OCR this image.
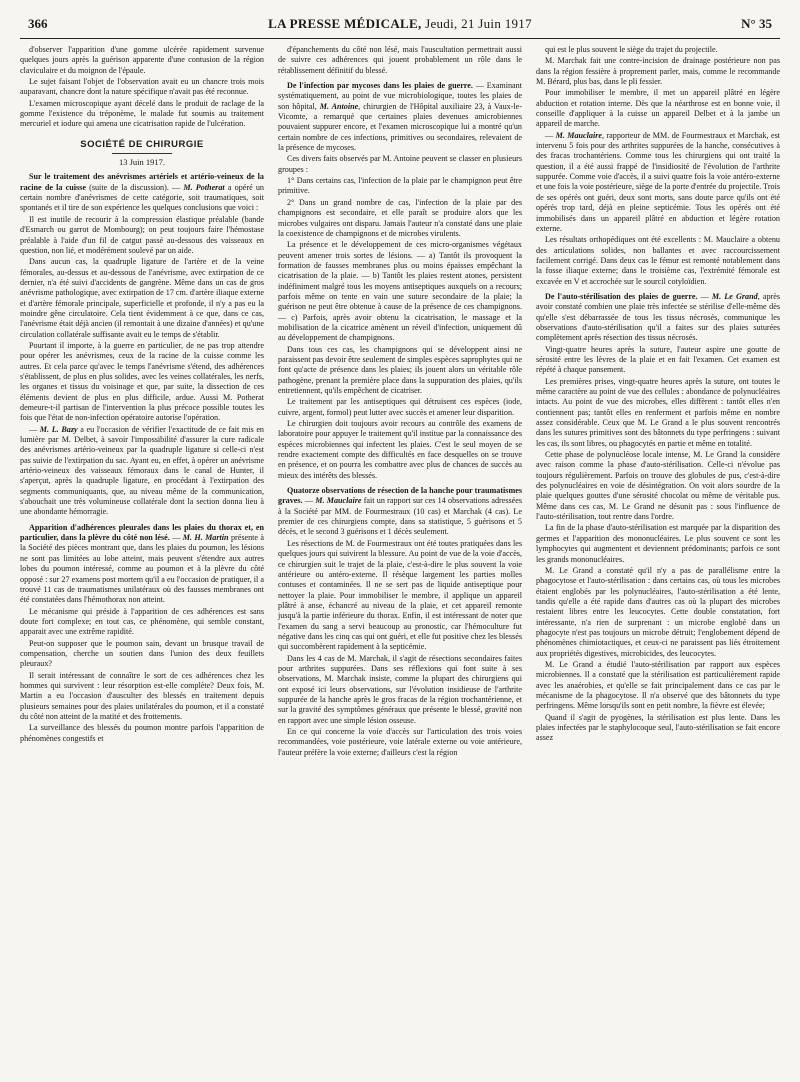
366	LA PRESSE MÉDICALE, Jeudi, 21 Juin 1917	N° 35

d'observer l'apparition d'une gomme ulcérée rapidement survenue quelques jours après la guérison apparente d'une contusion de la région claviculaire et du moignon de l'épaule.

Le sujet faisant l'objet de l'observation avait eu un chancre trois mois auparavant, chancre dont la nature spécifique n'avait pas été reconnue.

L'examen microscopique ayant décelé dans le produit de raclage de la gomme l'existence du tréponème, le malade fut soumis au traitement mercuriel et iodure qui amena une cicatrisation rapide de l'ulcération.

SOCIÉTÉ DE CHIRURGIE
13 Juin 1917.

Sur le traitement des anévrismes artériels et artério-veineux de la racine de la cuisse (suite de la discussion). — M. Potherat a opéré un certain nombre d'anévrismes de cette catégorie, soit traumatiques, soit spontanés et il tire de son expérience les quelques conclusions que voici :

Il est inutile de recourir à la compression élastique préalable (bande d'Esmarch ou garrot de Mombourg); on peut toujours faire l'hémostase préalable à l'aide d'un fil de catgut passé au-dessous des vaisseaux en question, non lié, et modérément soulevé par un aide.

Dans aucun cas, la quadruple ligature de l'artère et de la veine fémorales, au-dessus et au-dessous de l'anévrisme, avec extirpation de ce dernier, n'a été suivi d'accidents de gangrène. Même dans un cas de gros anévrisme pathologique, avec extirpation de 17 cm. d'artère iliaque externe et d'artère fémorale principale, superficielle et profonde, il n'y a pas eu la moindre gêne circulatoire. Cela tient évidemment à ce que, dans ce cas, l'anévrisme était déjà ancien (il remontait à une dizaine d'années) et qu'une circulation collatérale suffisante avait eu le temps de s'établir.

Pourtant il importe, à la guerre en particulier, de ne pas trop attendre pour opérer les anévrismes, ceux de la racine de la cuisse comme les autres. Et cela parce qu'avec le temps l'anévrisme s'étend, des adhérences s'établissent, de plus en plus solides, avec les veines collatérales, les nerfs, les organes et tissus du voisinage et que, par suite, la dissection de ces éléments devient de plus en plus difficile, ardue. Aussi M. Potherat demeure-t-il partisan de l'intervention la plus précoce possible toutes les fois que l'état de non-infection opératoire autorise l'opération.

— M. L. Bazy a eu l'occasion de vérifier l'exactitude de ce fait mis en lumière par M. Delbet, à savoir l'impossibilité d'assurer la cure radicale des anévrismes artério-veineux par la quadruple ligature si celle-ci n'est pas suivie de l'extirpation du sac. Ayant eu, en effet, à opérer un anévrisme artério-veineux des vaisseaux fémoraux dans le canal de Hunter, il s'aperçut, après la quadruple ligature, en procédant à l'extirpation des segments communiquants, que, au niveau même de la communication, s'abouchait une très volumineuse collatérale dont la section donna lieu à une abondante hémorragie.

Apparition d'adhérences pleurales dans les plaies du thorax et, en particulier, dans la plèvre du côté non lésé. — M. H. Martin présente à la Société des pièces montrant que, dans les plaies du poumon, les lésions ne sont pas limitées au lobe atteint, mais peuvent s'étendre aux autres lobes du poumon intéressé, comme au poumon et à la plèvre du côté opposé : sur 27 examens post mortem qu'il a eu l'occasion de pratiquer, il a trouvé 11 cas de traumatismes unilatéraux où des fausses membranes ont été constatées dans l'hémothorax non atteint.

Le mécanisme qui préside à l'apparition de ces adhérences est sans doute fort complexe; en tout cas, ce phénomène, qui semble constant, apparait avec une extrême rapidité.

Peut-on supposer que le poumon sain, devant un brusque travail de compensation, cherche un soutien dans l'union des deux feuillets pleuraux?

Il serait intéressant de connaître le sort de ces adhérences chez les hommes qui survivent : leur résorption est-elle complète? Deux fois, M. Martin a eu l'occasion d'ausculter des blessés en traitement depuis plusieurs semaines pour des plaies unilatérales du poumon, et il a constaté du côté non atteint de la matité et des frottements.

La surveillance des blessés du poumon montre parfois l'apparition de phénomènes congestifs et

d'épanchements du côté non lésé, mais l'auscultation permettrait aussi de suivre ces adhérences qui jouent probablement un rôle dans le rétablissement définitif du blessé.

De l'infection par mycoses dans les plaies de guerre. — Examinant systématiquement, au point de vue microbiologique, toutes les plaies de son hôpital, M. Antoine, chirurgien de l'Hôpital auxiliaire 23, à Vaux-le-Vicomte, a remarqué que certaines plaies devenues amicrobiennes pouvaient suppurer encore, et l'examen microscopique lui a montré qu'un certain nombre de ces infections, primitives ou secondaires, relevaient de la présence de mycoses.

Ces divers faits observés par M. Antoine peuvent se classer en plusieurs groupes :

1° Dans certains cas, l'infection de la plaie par le champignon peut être primitive.

2° Dans un grand nombre de cas, l'infection de la plaie par des champignons est secondaire, et elle paraît se produire alors que les microbes vulgaires ont disparu. Jamais l'auteur n'a constaté dans une plaie la coexistence de champignons et de microbes virulents.

La présence et le développement de ces micro-organismes végétaux peuvent amener trois sortes de lésions. — a) Tantôt ils provoquent la formation de fausses membranes plus ou moins épaisses empêchant la cicatrisation de la plaie. — b) Tantôt les plaies restent atones, persistent indéfiniment malgré tous les moyens antiseptiques auxquels on a recours; parfois même on tente en vain une suture secondaire de la plaie; la guérison ne peut être obtenue à cause de la présence de ces champignons. — c) Parfois, après avoir obtenu la cicatrisation, le massage et la mobilisation de la cicatrice amènent un réveil d'infection, uniquement dû au développement de champignons.

Dans tous ces cas, les champignons qui se développent ainsi ne paraissent pas devoir être seulement de simples espèces saprophytes qui ne font qu'acte de présence dans les plaies; ils jouent alors un véritable rôle pathogène, prenant la première place dans la suppuration des plaies, qu'ils entretiennent, qu'ils empêchent de cicatriser.

Le traitement par les antiseptiques qui détruisent ces espèces (iode, cuivre, argent, formol) peut lutter avec succès et amener leur disparition.

Le chirurgien doit toujours avoir recours au contrôle des examens de laboratoire pour appuyer le traitement qu'il institue par la connaissance des espèces microbiennes qui infectent les plaies. C'est le seul moyen de se rendre exactement compte des difficultés en face desquelles on se trouve en présence, et on pourra les combattre avec plus de chances de succès au mieux des intérêts des blessés.

Quatorze observations de résection de la hanche pour traumatismes graves. — M. Mauclaire fait un rapport sur ces 14 observations adressées à la Société par MM. de Fourmestraux (10 cas) et Marchak (4 cas). Le premier de ces chirurgiens compte, dans sa statistique, 5 guérisons et 5 décès, et le second 3 guérisons et 1 décès seulement.

Les résections de M. de Fourmestraux ont été toutes pratiquées dans les quelques jours qui suivirent la blessure. Au point de vue de la voie d'accès, ce chirurgien suit le trajet de la plaie, c'est-à-dire le plus souvent la voie antérieure ou antéro-externe. Il résèque largement les parties molles contuses et contaminées. Il ne se sert pas de liquide antiseptique pour nettoyer la plaie. Pour immobiliser le membre, il applique un appareil plâtré à anse, échancré au niveau de la plaie, et cet appareil remonte jusqu'à la partie inférieure du thorax. Enfin, il est intéressant de noter que l'examen du sang a servi beaucoup au pronostic, car l'hémoculture fut négative dans les cinq cas qui ont guéri, et elle fut positive chez les blessés qui succombèrent rapidement à la septicémie.

Dans les 4 cas de M. Marchak, il s'agit de résections secondaires faites pour arthrites suppurées. Dans ses réflexions qui font suite à ses observations, M. Marchak insiste, comme la plupart des chirurgiens qui ont exposé ici leurs observations, sur l'évolution insidieuse de l'arthrite suppurée de la hanche après le gros fracas de la région trochantérienne, et sur la gravité des symptômes généraux que présente le blessé, gravité non en rapport avec une simple lésion osseuse.

En ce qui concerne la voie d'accès sur l'articulation des trois voies recommandées, voie postérieure, voie latérale externe ou voie antérieure, l'auteur préfère la voie externe; d'ailleurs c'est la région

qui est le plus souvent le siège du trajet du projectile.

M. Marchak fait une contre-incision de drainage postérieure non pas dans la région fessière à proprement parler, mais, comme le recommande M. Bérard, plus bas, dans le pli fessier.

Pour immobiliser le membre, il met un appareil plâtré en légère abduction et rotation interne. Dès que la néarthrose est en bonne voie, il conseille d'appliquer à la cuisse un appareil Delbet et à la jambe un appareil de marche.

— M. Mauclaire, rapporteur de MM. de Fourmestraux et Marchak, est intervenu 5 fois pour des arthrites suppurées de la hanche, consécutives à des fracas trochantériens. Comme tous les chirurgiens qui ont traité la question, il a été aussi frappé de l'insidiosité de l'évolution de l'arthrite suppurée. Comme voie d'accès, il a suivi quatre fois la voie antéro-externe et une fois la voie postérieure, siège de la porte d'entrée du projectile. Trois de ses opérés ont guéri, deux sont morts, sans doute parce qu'ils ont été opérés trop tard, déjà en pleine septicémie. Tous les opérés ont été immobilisés dans un appareil plâtré en abduction et légère rotation externe.

Les résultats orthopédiques ont été excellents : M. Mauclaire a obtenu des articulations solides, non ballantes et avec raccourcissement facilement corrigé. Dans deux cas le fémur est remonté notablement dans la fosse iliaque externe; dans le troisième cas, l'extrémité fémorale est excavée en V et accrochée sur le sourcil cotyloïdien.

De l'auto-stérilisation des plaies de guerre. — M. Le Grand, après avoir constaté combien une plaie très infectée se stérilise d'elle-même dès qu'elle s'est débarrassée de tous les tissus nécrosés, communique les observations d'auto-stérilisation qu'il a faites sur des plaies suturées complètement après résection des tissus nécrosés.

Vingt-quatre heures après la suture, l'auteur aspire une goutte de sérosité entre les lèvres de la plaie et en fait l'examen. Cet examen est répété à chaque pansement.

Les premières prises, vingt-quatre heures après la suture, ont toutes le même caractère au point de vue des cellules : abondance de polynucléaires intacts. Au point de vue des microbes, elles diffèrent : tantôt elles n'en contiennent pas; tantôt elles en renferment et parfois même en nombre assez considérable. Ceux que M. Le Grand a le plus souvent rencontrés dans les sutures primitives sont des bâtonnets du type perfringens : suivant les cas, ils sont libres, ou phagocytés en partie et même en totalité.

Cette phase de polynucléose locale intense, M. Le Grand la considère avec raison comme la phase d'auto-stérilisation. Celle-ci n'évolue pas toujours régulièrement. Parfois on trouve des globules de pus, c'est-à-dire des polynucléaires en voie de désintégration. On voit alors sourdre de la plaie quelques gouttes d'une sérosité chocolat ou même de véritable pus. Même dans ces cas, M. Le Grand ne désunit pas : sous l'influence de l'auto-stérilisation, tout rentre dans l'ordre.

La fin de la phase d'auto-stérilisation est marquée par la disparition des germes et l'apparition des mononucléaires. Le plus souvent ce sont les lymphocytes qui augmentent et deviennent prédominants; parfois ce sont les grands mononucléaires.

M. Le Grand a constaté qu'il n'y a pas de parallélisme entre la phagocytose et l'auto-stérilisation : dans certains cas, où tous les microbes étaient englobés par les polynucléaires, l'auto-stérilisation a été lente, tandis qu'elle a été rapide dans d'autres cas où la plupart des microbes restaient libres entre les leucocytes. Cette double constatation, fort intéressante, n'a rien de surprenant : un microbe englobé dans un phagocyte n'est pas toujours un microbe détruit; l'englobement dépend de phénomènes chimiotactiques, et ceux-ci ne paraissent pas liés étroitement aux propriétés digestives, microbicides, des leucocytes.

M. Le Grand a étudié l'auto-stérilisation par rapport aux espèces microbiennes. Il a constaté que la stérilisation est particulièrement rapide avec les anaérobies, et qu'elle se fait principalement dans ce cas par le mécanisme de la phagocytose. Il n'a observé que des bâtonnets du type perfringens. Même lorsqu'ils sont en petit nombre, la fièvre est élevée;

Quand il s'agit de pyogènes, la stérilisation est plus lente. Dans les plaies infectées par le staphylocoque seul, l'auto-stérilisation se fait encore assez
